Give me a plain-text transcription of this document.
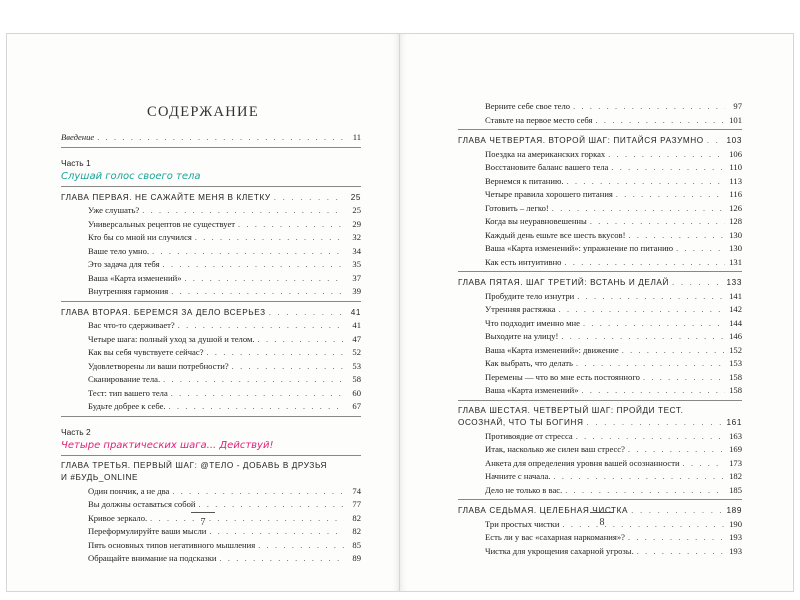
СОДЕРЖАНИЕ
Введение . . .	11
Часть 1
Слушай голос своего тела
ГЛАВА ПЕРВАЯ. НЕ САЖАЙТЕ МЕНЯ В КЛЕТКУ . . .	25
Уже слушать? . . .	25
Универсальных рецептов не существует . . .	29
Кто бы со мной ни случился . . .	32
Ваше тело умно. . . .	34
Это задача для тебя . . .	35
Ваша «Карта изменений» . . .	37
Внутренняя гармония . . .	39
ГЛАВА ВТОРАЯ. БЕРЕМСЯ ЗА ДЕЛО ВСЕРЬЕЗ . . .	41
Вас что-то сдерживает? . . .	41
Четыре шага: полный уход за душой и телом. . . .	47
Как вы себя чувствуете сейчас? . . .	52
Удовлетворены ли ваши потребности? . . .	53
Сканирование тела. . . .	58
Тест: тип вашего тела . . .	60
Будьте добрее к себе. . . .	67
Часть 2
Четыре практических шага... Действуй!
ГЛАВА ТРЕТЬЯ. ПЕРВЫЙ ШАГ: @ТЕЛО - ДОБАВЬ В ДРУЗЬЯ
И #БУДЬ_ONLINE
Один пончик, а не два . . .	74
Вы должны оставаться собой . . .	77
Кривое зеркало. . . .	82
Переформулируйте ваши мысли . . .	82
Пять основных типов негативного мышления . . .	85
Обращайте внимание на подсказки . . .	89
7
Верните себе свое тело . . .	97
Ставьте на первое место себя . . .	101
ГЛАВА ЧЕТВЕРТАЯ. ВТОРОЙ ШАГ: ПИТАЙСЯ РАЗУМНО . . .	103
Поездка на американских горках . . .	106
Восстановите баланс вашего тела . . .	110
Вернемся к питанию. . . .	113
Четыре правила хорошего питания . . .	116
Готовить – легко! . . .	126
Когда вы неуравновешенны . . .	128
Каждый день ешьте все шесть вкусов! . . .	130
Ваша «Карта изменений»: упражнение по питанию . . .	130
Как есть интуитивно . . .	131
ГЛАВА ПЯТАЯ. ШАГ ТРЕТИЙ: ВСТАНЬ И ДЕЛАЙ . . .	133
Пробудите тело изнутри . . .	141
Утренняя растяжка . . .	142
Что подходит именно мне . . .	144
Выходите на улицу! . . .	146
Ваша «Карта изменений»: движение . . .	152
Как выбрать, что делать . . .	153
Перемены — что во мне есть постоянного . . .	158
Ваша «Карта изменений» . . .	158
ГЛАВА ШЕСТАЯ. ЧЕТВЕРТЫЙ ШАГ: ПРОЙДИ ТЕСТ.
ОСОЗНАЙ, ЧТО ТЫ БОГИНЯ . . .	161
Противоядие от стресса . . .	163
Итак, насколько же силен ваш стресс? . . .	169
Анкета для определения уровня вашей осознанности . . .	173
Начните с начала. . . .	182
Дело не только в вас. . . .	185
ГЛАВА СЕДЬМАЯ. ЦЕЛЕБНАЯ ЧИСТКА . . .	189
Три простых чистки . . .	190
Есть ли у вас «сахарная наркомания»? . . .	193
Чистка для укрощения сахарной угрозы. . . .	193
8
